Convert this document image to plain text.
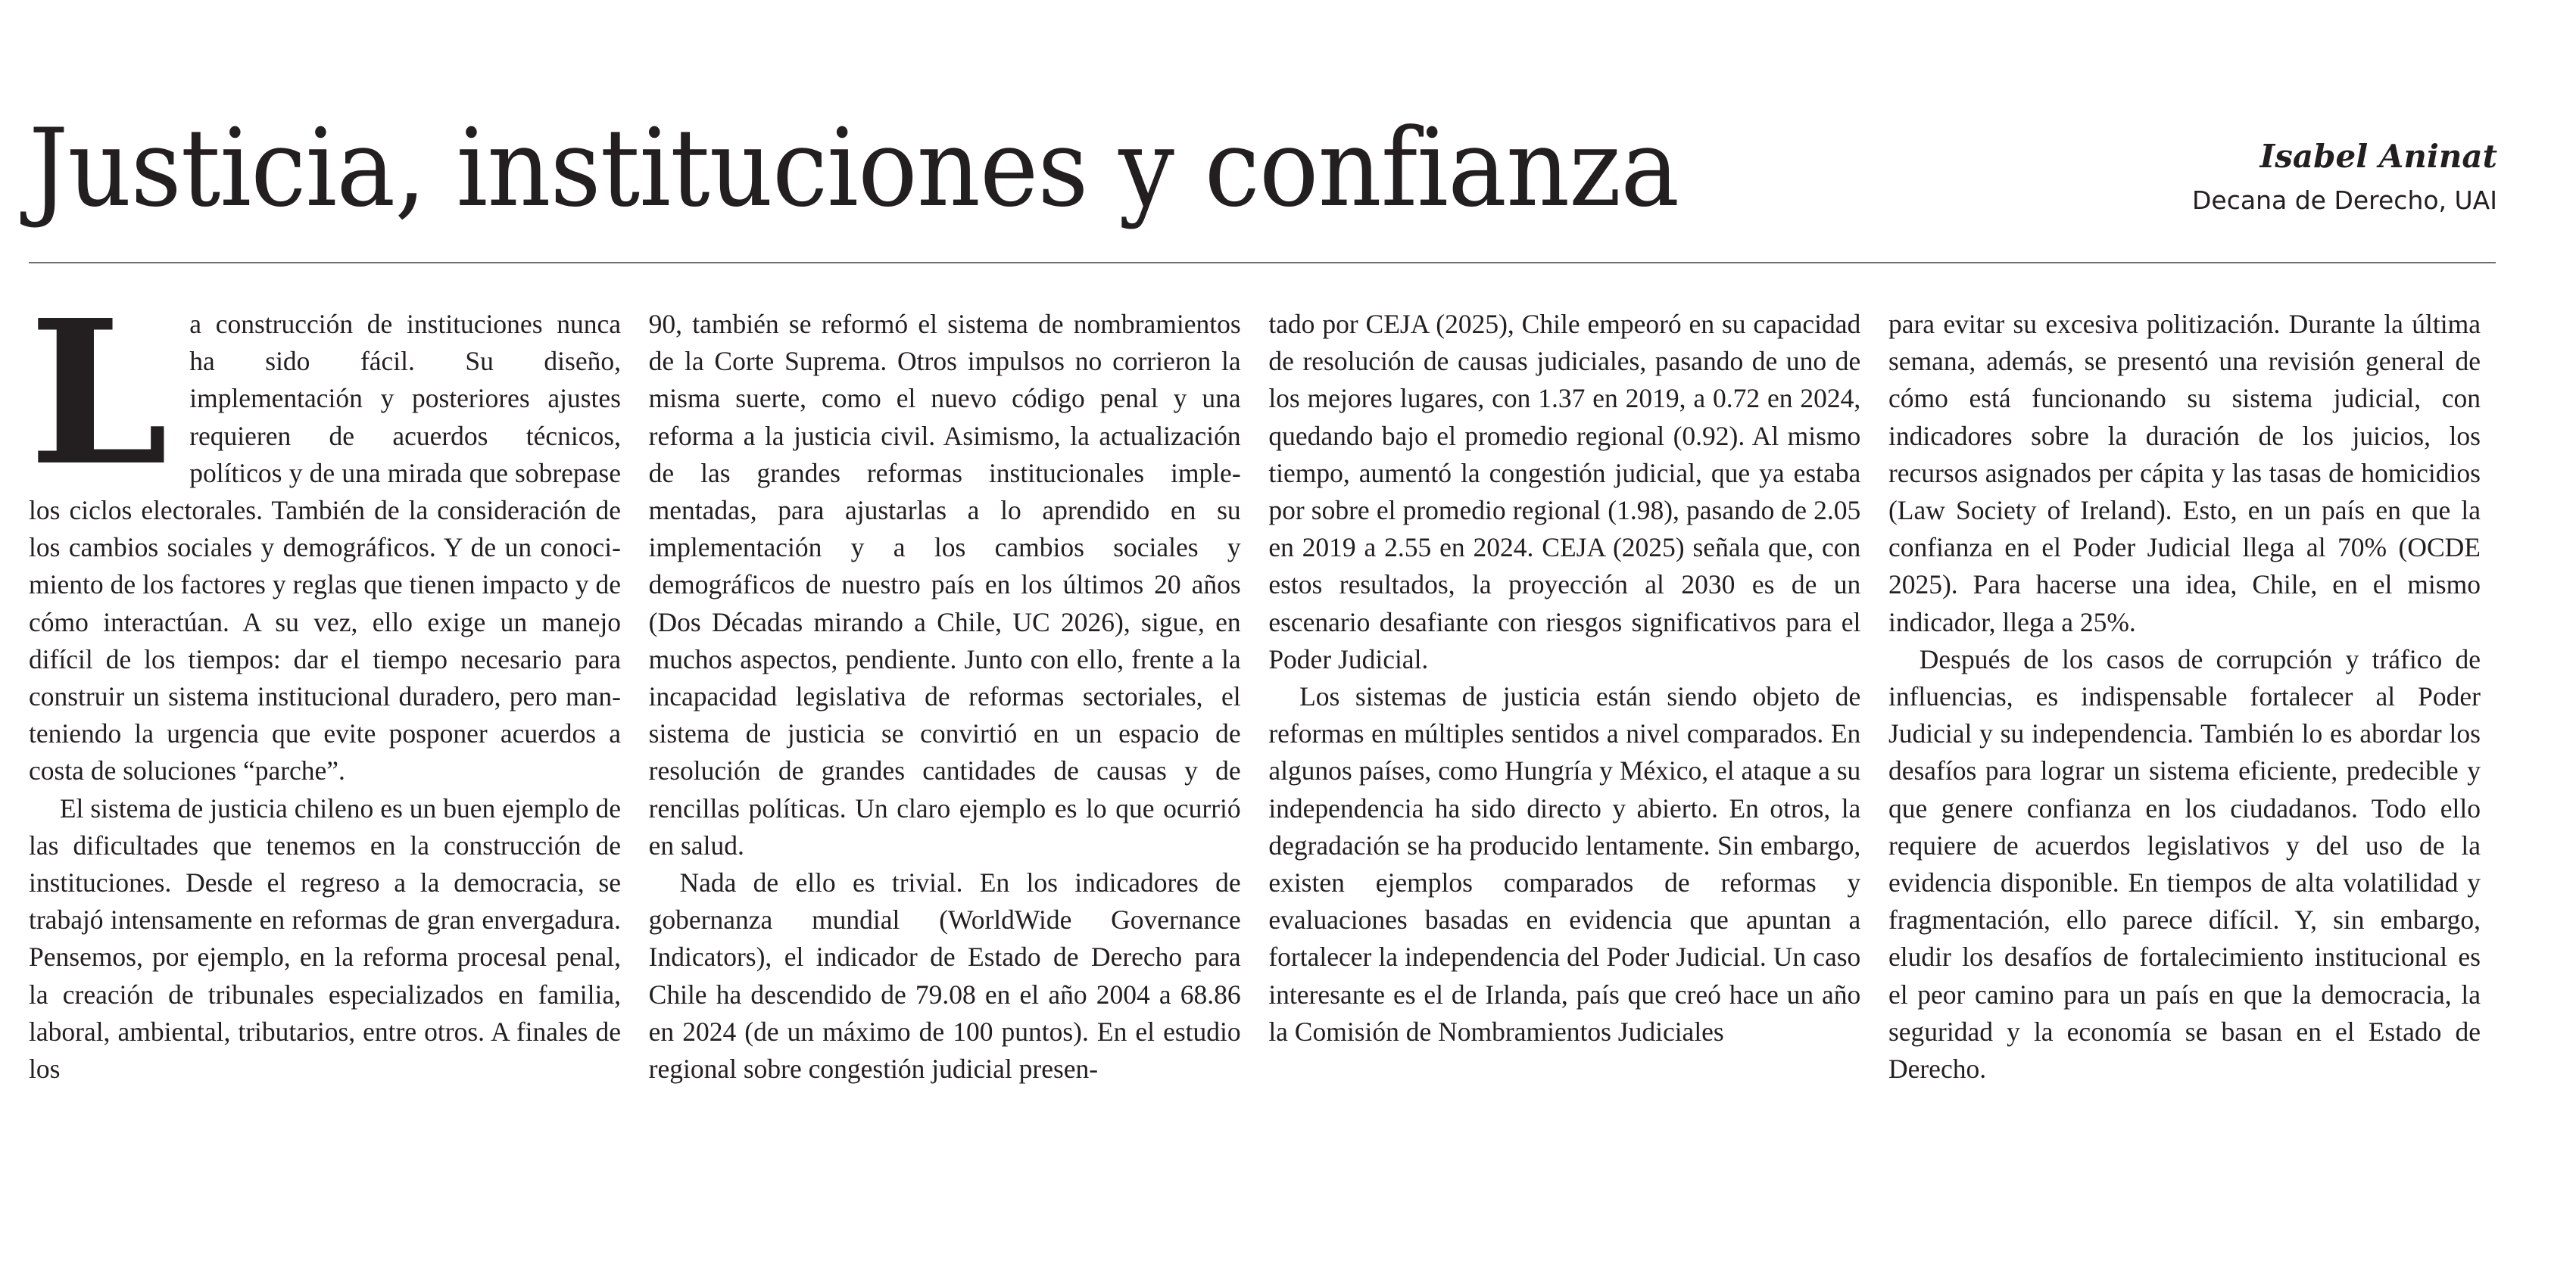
Justicia, instituciones y confianza	Isabel Aninat
Decana de Derecho, UAI

La construcción de instituciones nunca ha sido fácil. Su diseño, implementación y posteriores ajustes requieren de acuerdos técnicos, políticos y de una mirada que sobrepase los ciclos electorales. También de la consideración de los cambios sociales y demográficos. Y de un conocimiento de los factores y reglas que tienen impacto y de cómo interactúan. A su vez, ello exige un manejo difícil de los tiempos: dar el tiempo necesario para construir un sistema institucional duradero, pero manteniendo la urgencia que evite posponer acuerdos a costa de soluciones “parche”.

El sistema de justicia chileno es un buen ejemplo de las dificultades que tenemos en la construcción de instituciones. Desde el regreso a la democracia, se trabajó intensamente en reformas de gran envergadura. Pensemos, por ejemplo, en la reforma procesal penal, la creación de tribunales especializados en familia, laboral, ambiental, tributarios, entre otros. A finales de los

90, también se reformó el sistema de nombramientos de la Corte Suprema. Otros impulsos no corrieron la misma suerte, como el nuevo código penal y una reforma a la justicia civil. Asimismo, la actualización de las grandes reformas institucionales implementadas, para ajustarlas a lo aprendido en su implementación y a los cambios sociales y demográficos de nuestro país en los últimos 20 años (Dos Décadas mirando a Chile, UC 2026), sigue, en muchos aspectos, pendiente. Junto con ello, frente a la incapacidad legislativa de reformas sectoriales, el sistema de justicia se convirtió en un espacio de resolución de grandes cantidades de causas y de rencillas políticas. Un claro ejemplo es lo que ocurrió en salud.

Nada de ello es trivial. En los indicadores de gobernanza mundial (WorldWide Governance Indicators), el indicador de Estado de Derecho para Chile ha descendido de 79.08 en el año 2004 a 68.86 en 2024 (de un máximo de 100 puntos). En el estudio regional sobre congestión judicial presen-

tado por CEJA (2025), Chile empeoró en su capacidad de resolución de causas judiciales, pasando de uno de los mejores lugares, con 1.37 en 2019, a 0.72 en 2024, quedando bajo el promedio regional (0.92). Al mismo tiempo, aumentó la congestión judicial, que ya estaba por sobre el promedio regional (1.98), pasando de 2.05 en 2019 a 2.55 en 2024. CEJA (2025) señala que, con estos resultados, la proyección al 2030 es de un escenario desafiante con riesgos significativos para el Poder Judicial.

Los sistemas de justicia están siendo objeto de reformas en múltiples sentidos a nivel comparados. En algunos países, como Hungría y México, el ataque a su independencia ha sido directo y abierto. En otros, la degradación se ha producido lentamente. Sin embargo, existen ejemplos comparados de reformas y evaluaciones basadas en evidencia que apuntan a fortalecer la independencia del Poder Judicial. Un caso interesante es el de Irlanda, país que creó hace un año la Comisión de Nombramientos Judiciales

para evitar su excesiva politización. Durante la última semana, además, se presentó una revisión general de cómo está funcionando su sistema judicial, con indicadores sobre la duración de los juicios, los recursos asignados per cápita y las tasas de homicidios (Law Society of Ireland). Esto, en un país en que la confianza en el Poder Judicial llega al 70% (OCDE 2025). Para hacerse una idea, Chile, en el mismo indicador, llega a 25%.

Después de los casos de corrupción y tráfico de influencias, es indispensable fortalecer al Poder Judicial y su independencia. También lo es abordar los desafíos para lograr un sistema eficiente, predecible y que genere confianza en los ciudadanos. Todo ello requiere de acuerdos legislativos y del uso de la evidencia disponible. En tiempos de alta volatilidad y fragmentación, ello parece difícil. Y, sin embargo, eludir los desafíos de fortalecimiento institucional es el peor camino para un país en que la democracia, la seguridad y la economía se basan en el Estado de Derecho.
